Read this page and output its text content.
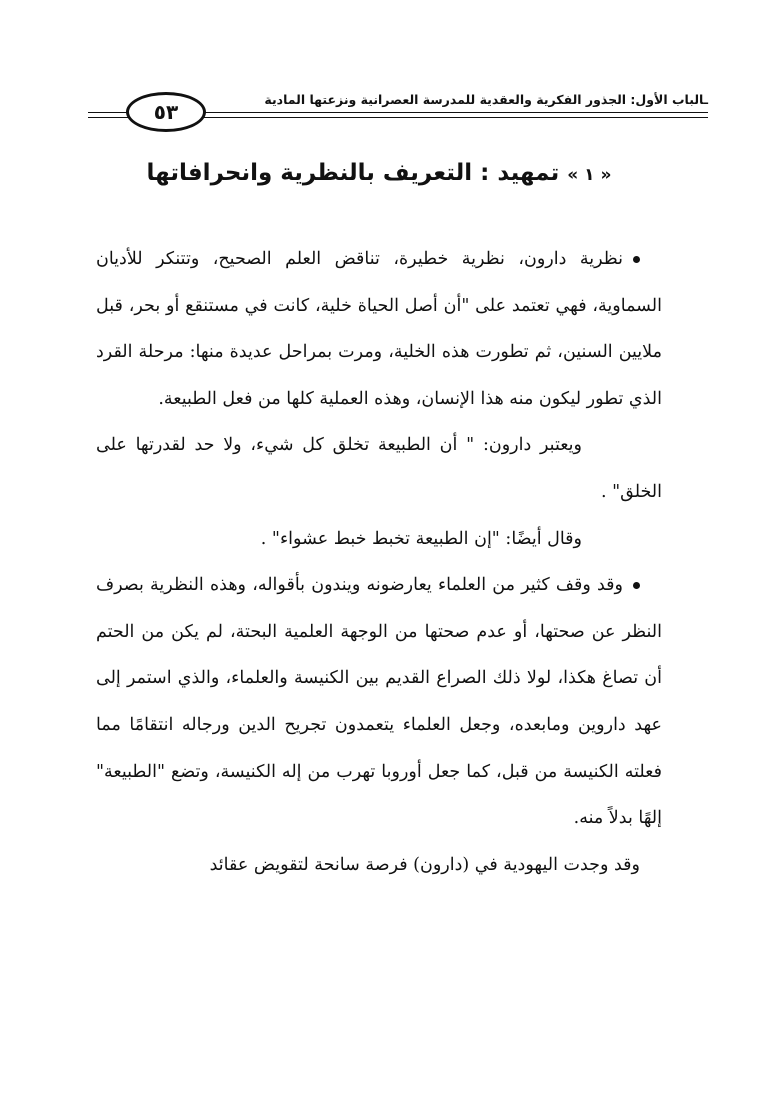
ـالباب الأول: الجذور الفكرية والعقدية للمدرسة العصرانية ونزعتها المادية
٥٣
« ١ » تمهيد : التعريف بالنظرية وانحرافاتها

نظرية دارون، نظرية خطيرة، تناقض العلم الصحيح، وتتنكر للأديان السماوية، فهي تعتمد على "أن أصل الحياة خلية، كانت في مستنقع أو بحر، قبل ملايين السنين، ثم تطورت هذه الخلية، ومرت بمراحل عديدة منها: مرحلة القرد الذي تطور ليكون منه هذا الإنسان، وهذه العملية كلها من فعل الطبيعة.

ويعتبر دارون: " أن الطبيعة تخلق كل شيء، ولا حد لقدرتها على الخلق" .

وقال أيضًا: "إن الطبيعة تخبط خبط عشواء" .

وقد وقف كثير من العلماء يعارضونه ويندون بأقواله، وهذه النظرية بصرف النظر عن صحتها، أو عدم صحتها من الوجهة العلمية البحتة، لم يكن من الحتم أن تصاغ هكذا، لولا ذلك الصراع القديم بين الكنيسة والعلماء، والذي استمر إلى عهد داروين ومابعده، وجعل العلماء يتعمدون تجريح الدين ورجاله انتقامًا مما فعلته الكنيسة من قبل، كما جعل أوروبا تهرب من إله الكنيسة، وتضع "الطبيعة" إلهًا بدلاً منه.

وقد وجدت اليهودية في (دارون) فرصة سانحة لتقويض عقائد
